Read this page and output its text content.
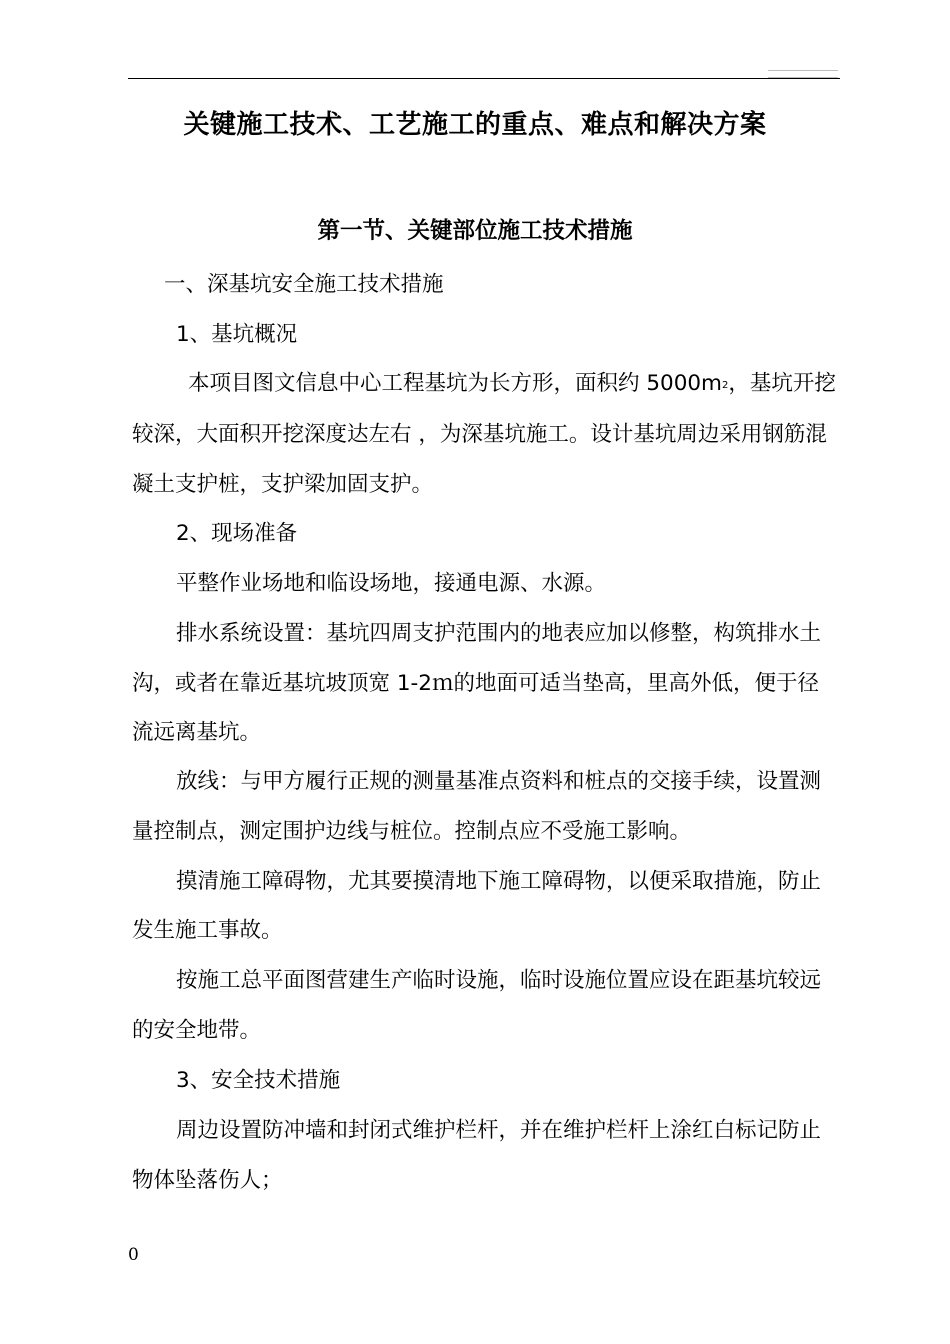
关键施工技术、工艺施工的重点、难点和解决方案
第一节、关键部位施工技术措施
一、深基坑安全施工技术措施
1、基坑概况
本项目图文信息中心工程基坑为长方形，面积约 $5000m^2$，基坑开挖
较深，大面积开挖深度达左右 ，为深基坑施工。设计基坑周边采用钢筋混
凝土支护桩，支护梁加固支护。
2、现场准备
平整作业场地和临设场地，接通电源、水源。
排水系统设置：基坑四周支护范围内的地表应加以修整，构筑排水土
沟，或者在靠近基坑坡顶宽 1-2ｍ的地面可适当垫高，里高外低，便于径
流远离基坑。
放线：与甲方履行正规的测量基准点资料和桩点的交接手续，设置测
量控制点，测定围护边线与桩位。控制点应不受施工影响。
摸清施工障碍物，尤其要摸清地下施工障碍物，以便采取措施，防止
发生施工事故。
按施工总平面图营建生产临时设施，临时设施位置应设在距基坑较远
的安全地带。
3、安全技术措施
周边设置防冲墙和封闭式维护栏杆，并在维护栏杆上涂红白标记防止
物体坠落伤人；
0
